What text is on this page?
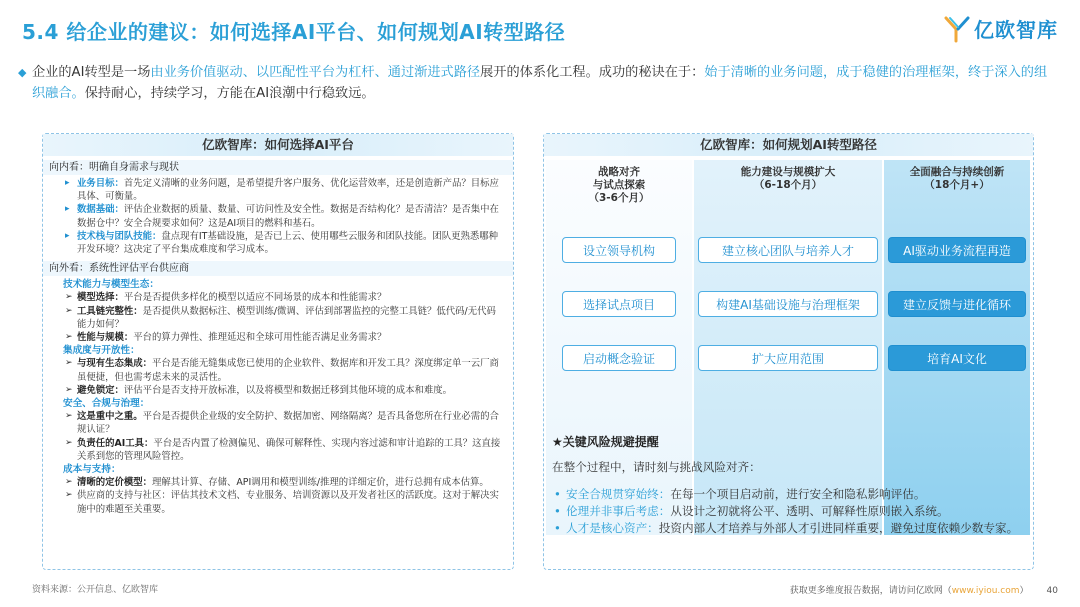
5.4 给企业的建议：如何选择AI平台、如何规划AI转型路径	亿欧智库
◆ 企业的AI转型是一场由业务价值驱动、以匹配性平台为杠杆、通过渐进式路径展开的体系化工程。成功的秘诀在于：始于清晰的业务问题，成于稳健的治理框架，终于深入的组织融合。保持耐心，持续学习，方能在AI浪潮中行稳致远。
亿欧智库：如何选择AI平台
向内看：明确自身需求与现状
▸ 业务目标：首先定义清晰的业务问题，是希望提升客户服务、优化运营效率，还是创造新产品？目标应具体、可衡量。
▸ 数据基础：评估企业数据的质量、数量、可访问性及安全性。数据是否结构化？是否清洁？是否集中在数据仓中？安全合规要求如何？这是AI项目的燃料和基石。
▸ 技术栈与团队技能：盘点现有IT基础设施，是否已上云、使用哪些云服务和团队技能。团队更熟悉哪种开发环境？这决定了平台集成难度和学习成本。
向外看：系统性评估平台供应商
技术能力与模型生态：
➢ 模型选择：平台是否提供多样化的模型以适应不同场景的成本和性能需求？
➢ 工具链完整性：是否提供从数据标注、模型训练/微调、评估到部署监控的完整工具链？低代码/无代码能力如何？
➢ 性能与规模：平台的算力弹性、推理延迟和全球可用性能否满足业务需求？
集成度与开放性：
➢ 与现有生态集成：平台是否能无缝集成您已使用的企业软件、数据库和开发工具？深度绑定单一云厂商虽便捷，但也需考虑未来的灵活性。
➢ 避免锁定：评估平台是否支持开放标准，以及将模型和数据迁移到其他环境的成本和难度。
安全、合规与治理：
➢ 这是重中之重。平台是否提供企业级的安全防护、数据加密、网络隔离？是否具备您所在行业必需的合规认证？
➢ 负责任的AI工具：平台是否内置了检测偏见、确保可解释性、实现内容过滤和审计追踪的工具？这直接关系到您的管理风险管控。
成本与支持：
➢ 清晰的定价模型：理解其计算、存储、API调用和模型训练/推理的详细定价，进行总拥有成本估算。
➢ 供应商的支持与社区：评估其技术文档、专业服务、培训资源以及开发者社区的活跃度。这对于解决实施中的难题至关重要。
亿欧智库：如何规划AI转型路径
战略对齐
与试点探索
（3-6个月）
设立领导机构
选择试点项目
启动概念验证
能力建设与规模扩大
（6-18个月）
建立核心团队与培养人才
构建AI基础设施与治理框架
扩大应用范围
全面融合与持续创新
（18个月+）
AI驱动业务流程再造
建立反馈与进化循环
培育AI文化
★关键风险规避提醒
在整个过程中，请时刻与挑战风险对齐：
• 安全合规贯穿始终：在每一个项目启动前，进行安全和隐私影响评估。
• 伦理并非事后考虑：从设计之初就将公平、透明、可解释性原则嵌入系统。
• 人才是核心资产：投资内部人才培养与外部人才引进同样重要，避免过度依赖少数专家。
资料来源：公开信息、亿欧智库	获取更多维度报告数据，请访问亿欧网（www.iyiou.com） 40
